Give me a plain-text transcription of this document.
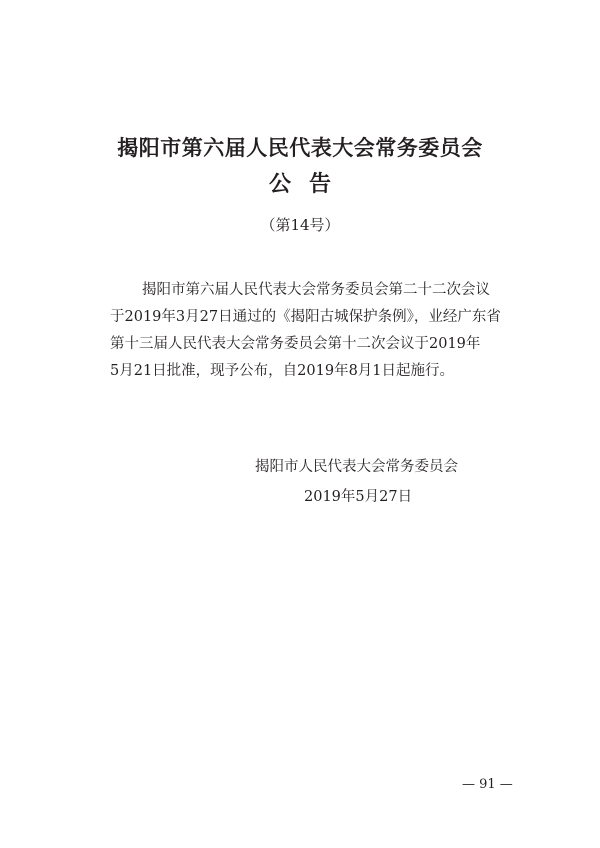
揭阳市第六届人民代表大会常务委员会
公告
（第14号）
揭阳市第六届人民代表大会常务委员会第二十二次会议
于2019年3月27日通过的《揭阳古城保护条例》，业经广东省
第十三届人民代表大会常务委员会第十二次会议于2019年
5月21日批准，现予公布，自2019年8月1日起施行。
揭阳市人民代表大会常务委员会
2019年5月27日
— 91 —
